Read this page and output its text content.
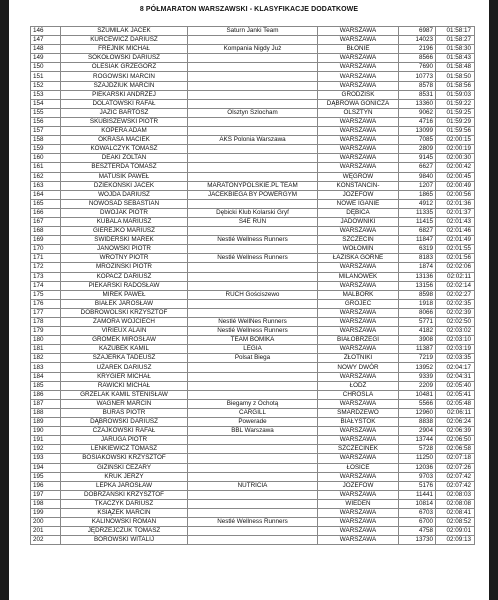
8 PÓŁMARATON WARSZAWSKI - KLASYFIKACJE DODATKOWE
146	SZUMILAK JACEK	Saturn Janki Team	WARSZAWA	6987	01:58:17
147	KURCEWICZ DARIUSZ		WARSZAWA	14023	01:58:27
148	FREJNIK MICHAŁ	Kompania Nigdy Już	BŁONIE	2196	01:58:30
149	SOKOŁOWSKI DARIUSZ		WARSZAWA	8566	01:58:43
150	OLESIAK GRZEGORZ		WARSZAWA	7690	01:58:48
151	ROGOWSKI MARCIN		WARSZAWA	10773	01:58:50
152	SZAJDZIUK MARCIN		WARSZAWA	8578	01:58:56
153	PIEKARSKI ANDRZEJ		GRODZISK	8531	01:59:03
154	DOLATOWSKI RAFAŁ		DĄBROWA GÓNICZA	13360	01:59:22
155	JAZIC BARTOSZ	Olsztyn Szlocham	OLSZTYN	9062	01:59:25
156	SKUBISZEWSKI PIOTR		WARSZAWA	4716	01:59:29
157	KOPERA ADAM		WARSZAWA	13099	01:59:56
158	OKRASA MACIEK	AKS Polonia Warszawa	WARSZAWA	7085	02:00:15
159	KOWALCZYK TOMASZ		WARSZAWA	2809	02:00:19
160	DEAKI ZOLTAN		WARSZAWA	9145	02:00:30
161	BESZTERDA TOMASZ		WARSZAWA	6627	02:00:42
162	MATUSIK PAWEŁ		WĘGRÓW	9840	02:00:45
163	DZIEKONSKI JACEK	MARATONYPOLSKIE.PL TEAM	KONSTANCIN-	1207	02:00:49
164	WOJDA DARIUSZ	JACEKBIEGA BY POWERGYM	JÓZEFÓW	1865	02:00:56
165	NOWOSAD SEBASTIAN		NOWE IGANIE	4912	02:01:36
166	DWOJAK PIOTR	Dębicki Klub Kolarski Gryf	DĘBICA	11335	02:01:37
167	KUBALA MARIUSZ	S4E RUN	JADOWNIKI	11415	02:01:43
168	GIEREJKO MARIUSZ		WARSZAWA	6827	02:01:46
169	ŚWIDERSKI MAREK	Nestlé Wellness Runners	SZCZECIN	11847	02:01:49
170	JANOWSKI PIOTR		WOŁOMIN	6319	02:01:55
171	WROTNY PIOTR	Nestlé Wellness Runners	ŁAZISKA GÓRNE	8183	02:01:56
172	MROZIŃSKI PIOTR		WARSZAWA	1874	02:02:06
173	KOPACZ DARIUSZ		MILANÓWEK	13136	02:02:11
174	PIEKARSKI RADOSŁAW		WARSZAWA	13156	02:02:14
175	MIREK PAWEŁ	RUCH Gościszewo	MALBORK	8598	02:02:27
176	BIAŁEK JAROSŁAW		GRÓJEC	1918	02:02:35
177	DOBROWOLSKI KRZYSZTOF		WARSZAWA	8066	02:02:39
178	ZAMORA WOJCIECH	Nestlé WellNes Runners	WARSZAWA	5771	02:02:50
179	VIRIEUX ALAIN	Nestlé Wellness Runners	WARSZAWA	4182	02:03:02
180	GROMEK MIROSŁAW	TEAM BOMIKA	BIAŁOBRZEGI	3908	02:03:10
181	KAZUBEK KAMIL	LEGIA	WARSZAWA	11387	02:03:19
182	SZAJERKA TADEUSZ	Polsat Biega	ZŁOTNIKI	7219	02:03:35
183	UŻAREK DARIUSZ		NOWY DWÓR	13952	02:04:17
184	KRYGIER MICHAŁ		WARSZAWA	9339	02:04:31
185	RAWICKI MICHAŁ		ŁÓDŹ	2209	02:05:40
186	GRZELAK KAMIL STENISŁAW		CHROŚLA	10481	02:05:41
187	WAGNER MARCIN	Biegamy z Ochotą	WARSZAWA	5566	02:05:48
188	BURAS PIOTR	CARGILL	SMARDZEWO	12960	02:06:11
189	DĄBROWSKI DARIUSZ	Powerade	BIAŁYSTOK	8838	02:06:24
190	CZAJKOWSKI RAFAŁ	BBL Warszawa	WARSZAWA	2904	02:06:39
191	JARUGA PIOTR		WARSZAWA	13744	02:06:50
192	LENKIEWICZ TOMASZ		SZCZECINEK	5728	02:06:58
193	BOSIAKOWSKI KRZYSZTOF		WARSZAWA	11250	02:07:18
194	GIZIŃSKI CEZARY		ŁOSICE	12036	02:07:26
195	KRUK JERZY		WARSZAWA	9703	02:07:42
196	LEPKA JAROSŁAW	NUTRICIA	JÓZEFÓW	5176	02:07:42
197	DOBRZAŃSKI KRZYSZTOF		WARSZAWA	11441	02:08:03
198	TKACZYK DARIUSZ		WIEDEN	10814	02:08:08
199	KSIĄŻEK MARCIN		WARSZAWA	6703	02:08:41
200	KALINOWSKI ROMAN	Nestlé Wellness Runners	WARSZAWA	6700	02:08:52
201	JĘDRZEJCZUK TOMASZ		WARSZAWA	4758	02:09:01
202	BOROWSKI WITALIJ		WARSZAWA	13730	02:09:13
